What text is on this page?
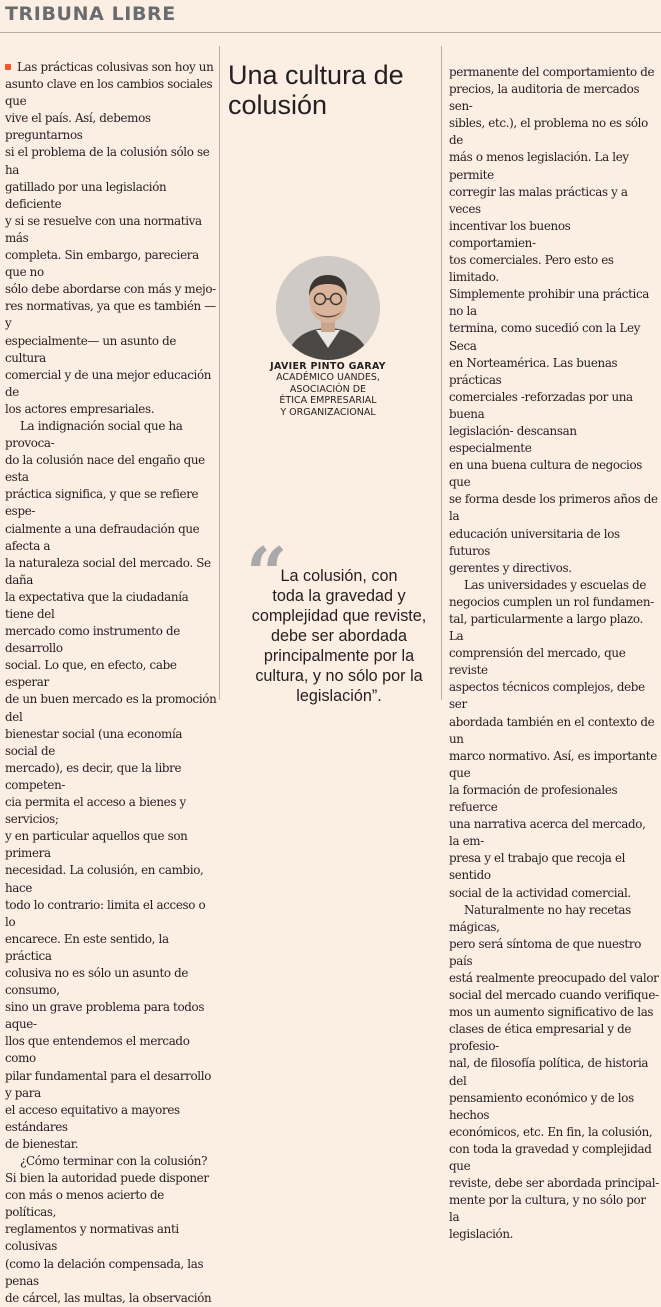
TRIBUNA LIBRE

Las prácticas colusivas son hoy un
asunto clave en los cambios sociales que
vive el país. Así, debemos preguntarnos
si el problema de la colusión sólo se ha
gatillado por una legislación deficiente
y si se resuelve con una normativa más
completa. Sin embargo, pareciera que no
sólo debe abordarse con más y mejo-
res normativas, ya que es también —y
especialmente— un asunto de cultura
comercial y de una mejor educación de
los actores empresariales.

La indignación social que ha provoca-
do la colusión nace del engaño que esta
práctica significa, y que se refiere espe-
cialmente a una defraudación que afecta a
la naturaleza social del mercado. Se daña
la expectativa que la ciudadanía tiene del
mercado como instrumento de desarrollo
social. Lo que, en efecto, cabe esperar
de un buen mercado es la promoción del
bienestar social (una economía social de
mercado), es decir, que la libre competen-
cia permita el acceso a bienes y servicios;
y en particular aquellos que son primera
necesidad. La colusión, en cambio, hace
todo lo contrario: limita el acceso o lo
encarece. En este sentido, la práctica
colusiva no es sólo un asunto de consumo,
sino un grave problema para todos aque-
llos que entendemos el mercado como
pilar fundamental para el desarrollo y para
el acceso equitativo a mayores estándares
de bienestar.

¿Cómo terminar con la colusión?

Si bien la autoridad puede disponer
con más o menos acierto de políticas,
reglamentos y normativas anti colusivas
(como la delación compensada, las penas
de cárcel, las multas, la observación

Una cultura de
colusión
JAVIER PINTO GARAY
ACADÉMICO UANDES,
ASOCIACIÓN DE
ÉTICA EMPRESARIAL
Y ORGANIZACIONAL
“

La colusión, con
toda la gravedad y
complejidad que reviste,
debe ser abordada
principalmente por la
cultura, y no sólo por la
legislación”.

permanente del comportamiento de
precios, la auditoria de mercados sen-
sibles, etc.), el problema no es sólo de
más o menos legislación. La ley permite
corregir las malas prácticas y a veces
incentivar los buenos comportamien-
tos comerciales. Pero esto es limitado.
Simplemente prohibir una práctica no la
termina, como sucedió con la Ley Seca
en Norteamérica. Las buenas prácticas
comerciales -reforzadas por una buena
legislación- descansan especialmente
en una buena cultura de negocios que
se forma desde los primeros años de la
educación universitaria de los futuros
gerentes y directivos.

Las universidades y escuelas de
negocios cumplen un rol fundamen-
tal, particularmente a largo plazo. La
comprensión del mercado, que reviste
aspectos técnicos complejos, debe ser
abordada también en el contexto de un
marco normativo. Así, es importante que
la formación de profesionales refuerce
una narrativa acerca del mercado, la em-
presa y el trabajo que recoja el sentido
social de la actividad comercial.

Naturalmente no hay recetas mágicas,
pero será síntoma de que nuestro país
está realmente preocupado del valor
social del mercado cuando verifique-
mos un aumento significativo de las
clases de ética empresarial y de profesio-
nal, de filosofía política, de historia del
pensamiento económico y de los hechos
económicos, etc. En fin, la colusión,
con toda la gravedad y complejidad que
reviste, debe ser abordada principal-
mente por la cultura, y no sólo por la
legislación.
